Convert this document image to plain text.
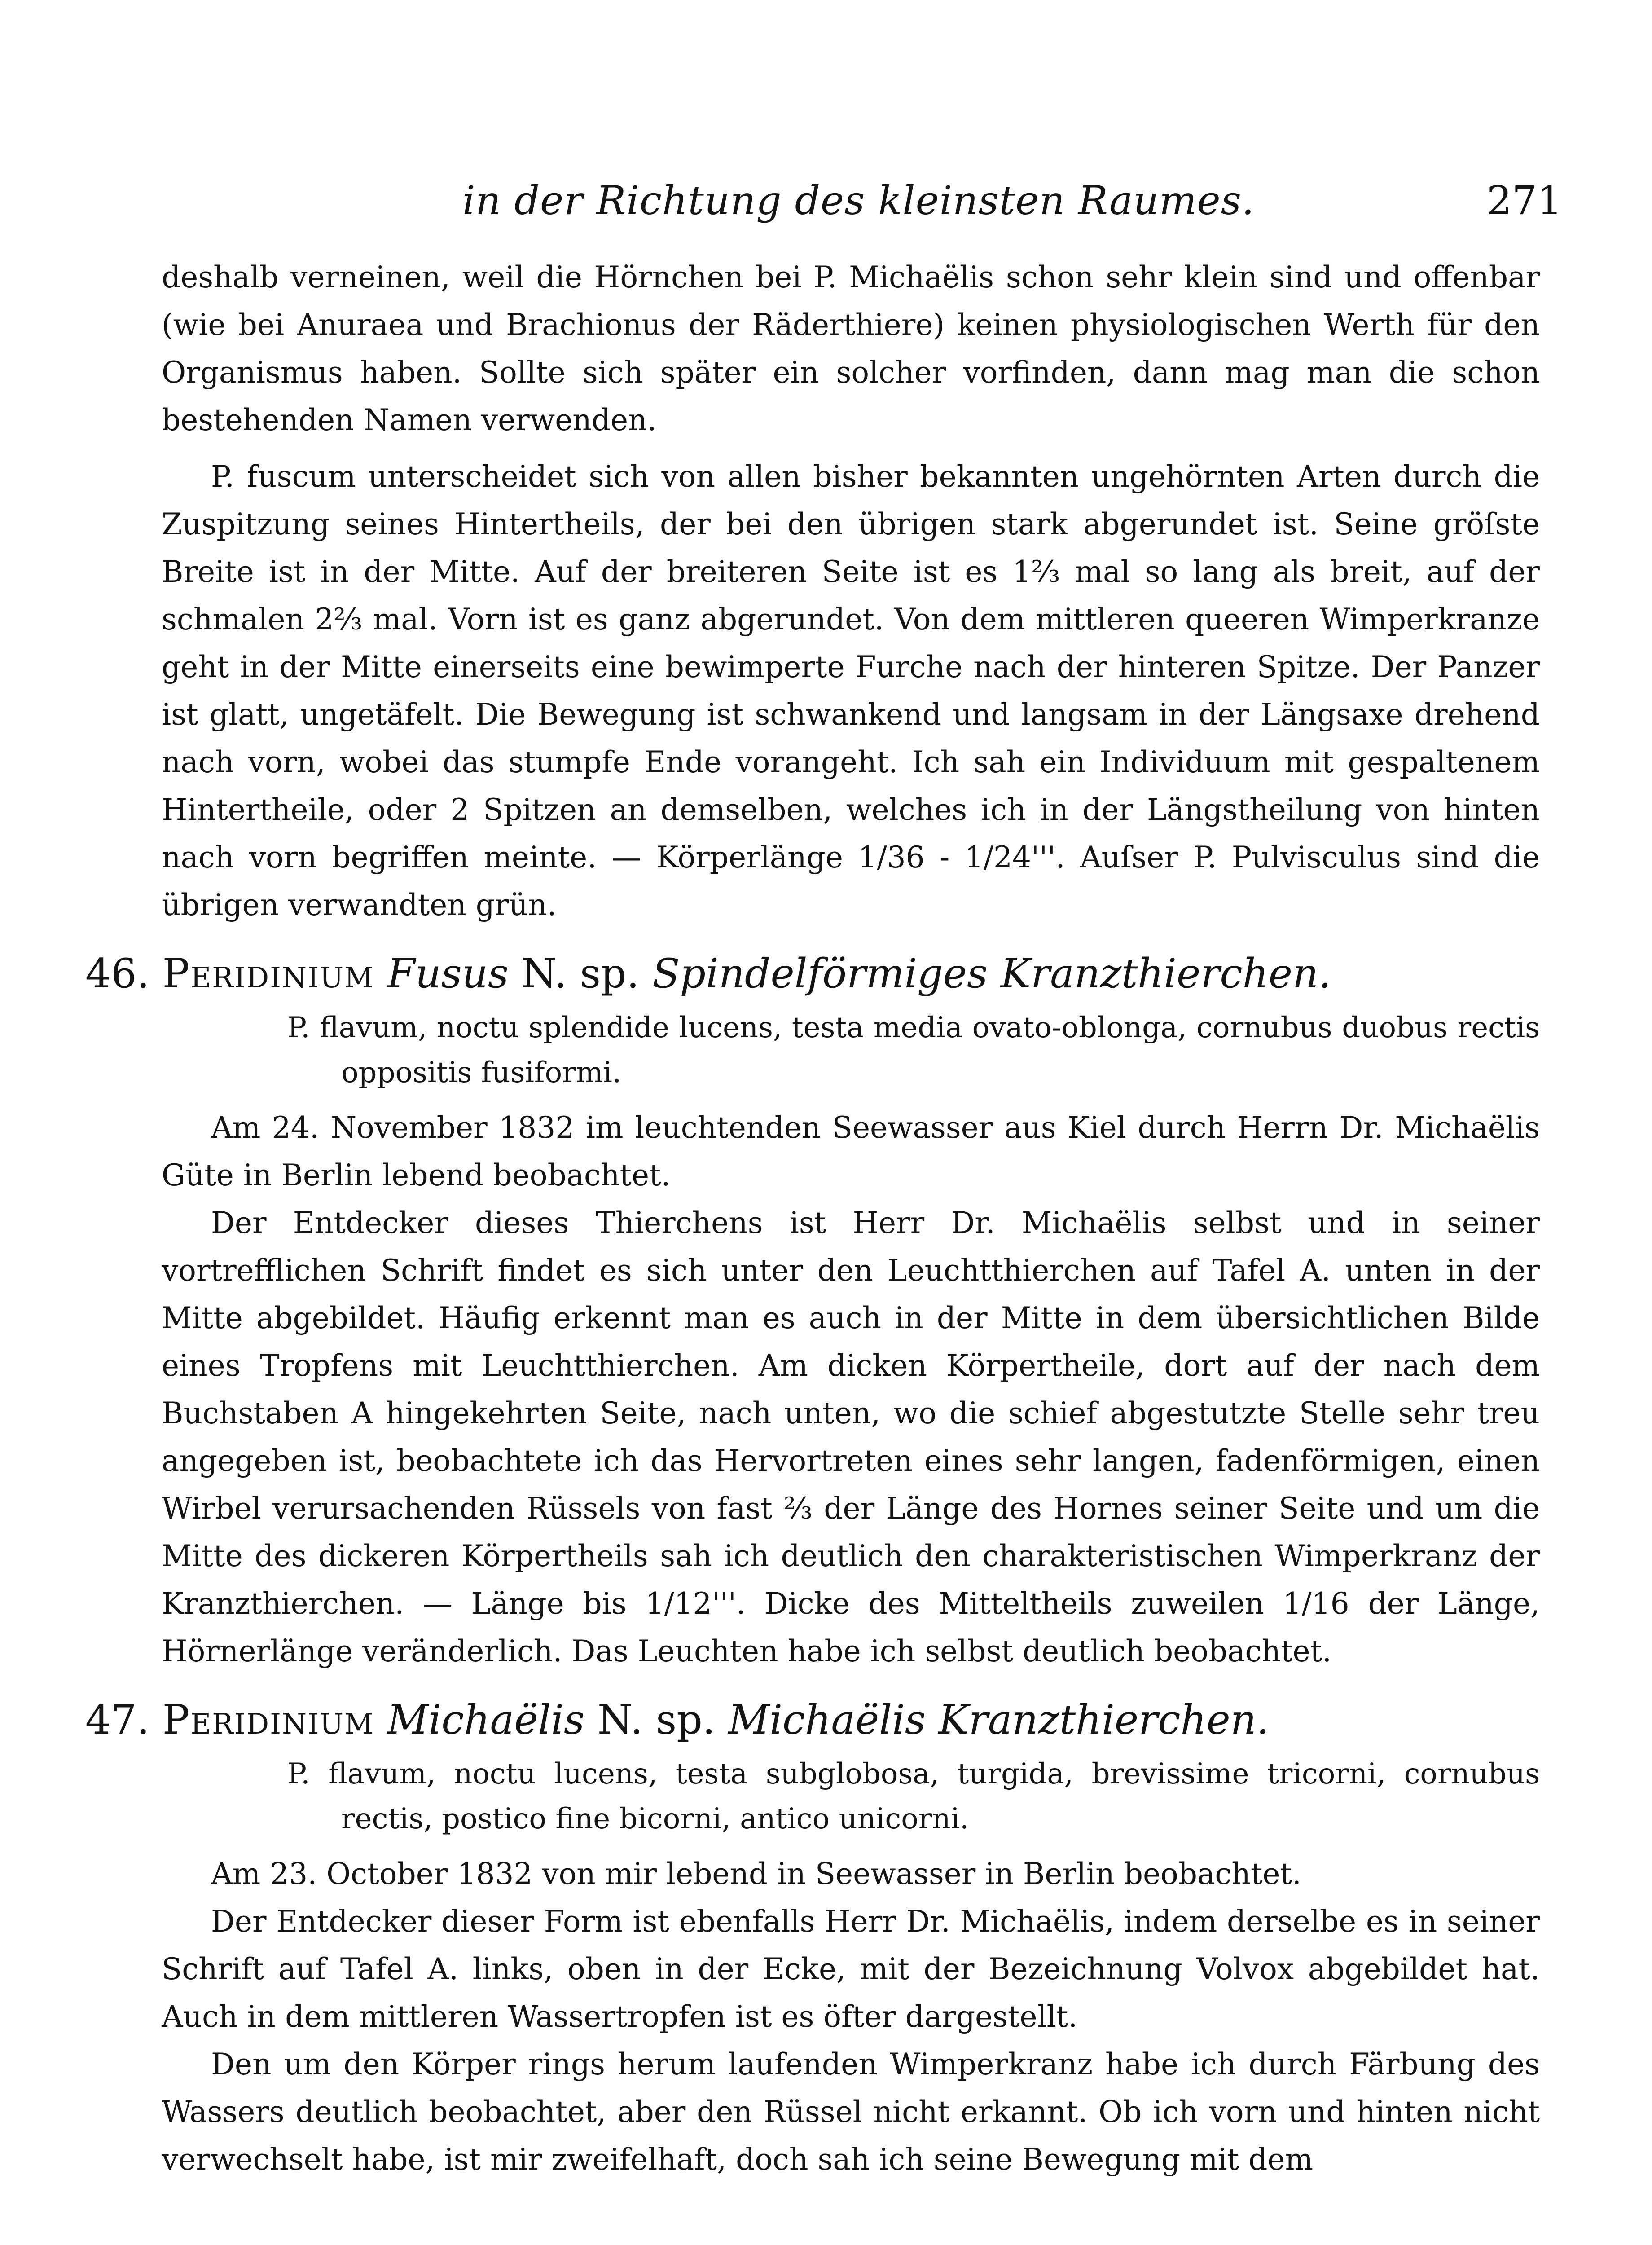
in der Richtung des kleinsten Raumes.	271

deshalb verneinen, weil die Hörnchen bei P. Michaëlis schon sehr klein sind und offenbar (wie bei Anuraea und Brachionus der Räderthiere) keinen physiologischen Werth für den Organismus haben. Sollte sich später ein solcher vorfinden, dann mag man die schon bestehenden Namen verwenden.

P. fuscum unterscheidet sich von allen bisher bekannten ungehörnten Arten durch die Zuspitzung seines Hintertheils, der bei den übrigen stark abgerundet ist. Seine gröſste Breite ist in der Mitte. Auf der breiteren Seite ist es 1⅔ mal so lang als breit, auf der schmalen 2⅔ mal. Vorn ist es ganz abgerundet. Von dem mittleren queeren Wimperkranze geht in der Mitte einerseits eine bewimperte Furche nach der hinteren Spitze. Der Panzer ist glatt, ungetäfelt. Die Bewegung ist schwankend und langsam in der Längsaxe drehend nach vorn, wobei das stumpfe Ende vorangeht. Ich sah ein Individuum mit gespaltenem Hintertheile, oder 2 Spitzen an demselben, welches ich in der Längstheilung von hinten nach vorn begriffen meinte. — Körperlänge 1/36 - 1/24'''. Auſser P. Pulvisculus sind die übrigen verwandten grün.

46. Peridinium Fusus N. sp. Spindelförmiges Kranzthierchen.

P. flavum, noctu splendide lucens, testa media ovato-oblonga, cornubus duobus rectis oppositis fusiformi.

Am 24. November 1832 im leuchtenden Seewasser aus Kiel durch Herrn Dr. Michaëlis Güte in Berlin lebend beobachtet.

Der Entdecker dieses Thierchens ist Herr Dr. Michaëlis selbst und in seiner vortrefflichen Schrift findet es sich unter den Leuchtthierchen auf Tafel A. unten in der Mitte abgebildet. Häufig erkennt man es auch in der Mitte in dem übersichtlichen Bilde eines Tropfens mit Leuchtthierchen. Am dicken Körpertheile, dort auf der nach dem Buchstaben A hingekehrten Seite, nach unten, wo die schief abgestutzte Stelle sehr treu angegeben ist, beobachtete ich das Hervortreten eines sehr langen, fadenförmigen, einen Wirbel verursachenden Rüssels von fast ⅔ der Länge des Hornes seiner Seite und um die Mitte des dickeren Körpertheils sah ich deutlich den charakteristischen Wimperkranz der Kranzthierchen. — Länge bis 1/12'''. Dicke des Mitteltheils zuweilen 1/16 der Länge, Hörnerlänge veränderlich. Das Leuchten habe ich selbst deutlich beobachtet.

47. Peridinium Michaëlis N. sp. Michaëlis Kranzthierchen.

P. flavum, noctu lucens, testa subglobosa, turgida, brevissime tricorni, cornubus rectis, postico fine bicorni, antico unicorni.

Am 23. October 1832 von mir lebend in Seewasser in Berlin beobachtet.

Der Entdecker dieser Form ist ebenfalls Herr Dr. Michaëlis, indem derselbe es in seiner Schrift auf Tafel A. links, oben in der Ecke, mit der Bezeichnung Volvox abgebildet hat. Auch in dem mittleren Wassertropfen ist es öfter dargestellt.

Den um den Körper rings herum laufenden Wimperkranz habe ich durch Färbung des Wassers deutlich beobachtet, aber den Rüssel nicht erkannt. Ob ich vorn und hinten nicht verwechselt habe, ist mir zweifelhaft, doch sah ich seine Bewegung mit dem
